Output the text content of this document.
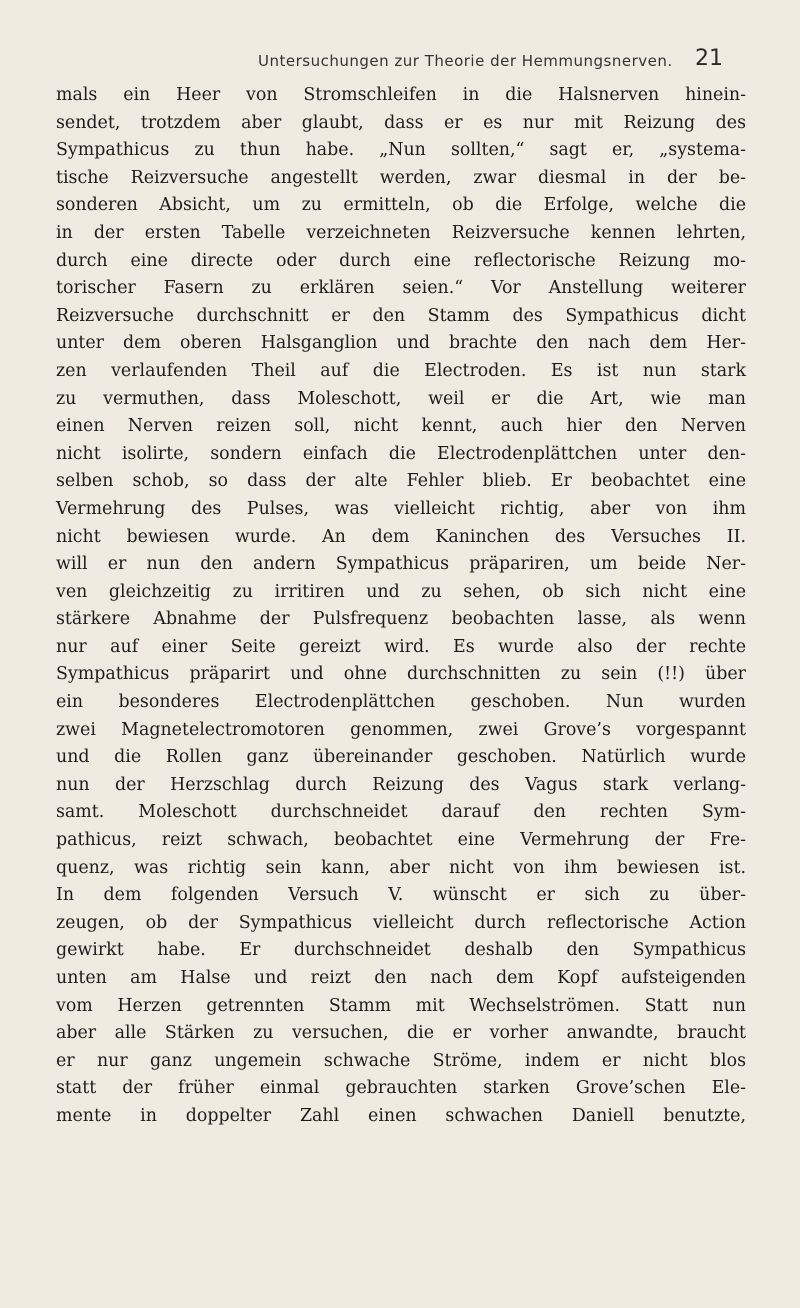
Untersuchungen zur Theorie der Hemmungsnerven. 21
mals ein Heer von Stromschleifen in die Halsnerven hinein-
sendet, trotzdem aber glaubt, dass er es nur mit Reizung des
Sympathicus zu thun habe. „Nun sollten,“ sagt er, „systema-
tische Reizversuche angestellt werden, zwar diesmal in der be-
sonderen Absicht, um zu ermitteln, ob die Erfolge, welche die
in der ersten Tabelle verzeichneten Reizversuche kennen lehrten,
durch eine directe oder durch eine reflectorische Reizung mo-
torischer Fasern zu erklären seien.“ Vor Anstellung weiterer
Reizversuche durchschnitt er den Stamm des Sympathicus dicht
unter dem oberen Halsganglion und brachte den nach dem Her-
zen verlaufenden Theil auf die Electroden. Es ist nun stark
zu vermuthen, dass Moleschott, weil er die Art, wie man
einen Nerven reizen soll, nicht kennt, auch hier den Nerven
nicht isolirte, sondern einfach die Electrodenplättchen unter den-
selben schob, so dass der alte Fehler blieb. Er beobachtet eine
Vermehrung des Pulses, was vielleicht richtig, aber von ihm
nicht bewiesen wurde. An dem Kaninchen des Versuches II.
will er nun den andern Sympathicus präpariren, um beide Ner-
ven gleichzeitig zu irritiren und zu sehen, ob sich nicht eine
stärkere Abnahme der Pulsfrequenz beobachten lasse, als wenn
nur auf einer Seite gereizt wird. Es wurde also der rechte
Sympathicus präparirt und ohne durchschnitten zu sein (!!) über
ein besonderes Electrodenplättchen geschoben. Nun wurden
zwei Magnetelectromotoren genommen, zwei Grove’s vorgespannt
und die Rollen ganz übereinander geschoben. Natürlich wurde
nun der Herzschlag durch Reizung des Vagus stark verlang-
samt. Moleschott durchschneidet darauf den rechten Sym-
pathicus, reizt schwach, beobachtet eine Vermehrung der Fre-
quenz, was richtig sein kann, aber nicht von ihm bewiesen ist.
In dem folgenden Versuch V. wünscht er sich zu über-
zeugen, ob der Sympathicus vielleicht durch reflectorische Action
gewirkt habe. Er durchschneidet deshalb den Sympathicus
unten am Halse und reizt den nach dem Kopf aufsteigenden
vom Herzen getrennten Stamm mit Wechselströmen. Statt nun
aber alle Stärken zu versuchen, die er vorher anwandte, braucht
er nur ganz ungemein schwache Ströme, indem er nicht blos
statt der früher einmal gebrauchten starken Grove’schen Ele-
mente in doppelter Zahl einen schwachen Daniell benutzte,
